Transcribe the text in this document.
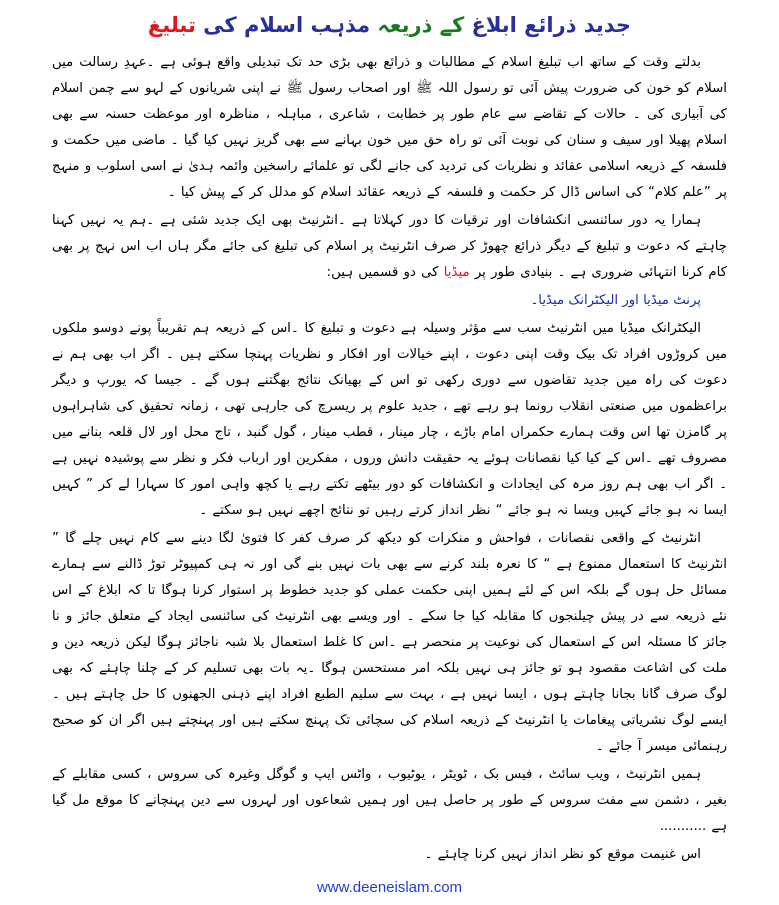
جدید ذرائع ابلاغ کے ذریعہ مذہب اسلام کی تبلیغ

بدلتے وقت کے ساتھ اب تبلیغ اسلام کے مطالبات و ذرائع بھی بڑی حد تک تبدیلی واقع ہوئی ہے ۔عہدِ رسالت میں اسلام کو خون کی ضرورت پیش آئی تو رسول اللہ ﷺ اور اصحاب رسول ﷺ نے اپنی شریانوں کے لہو سے چمن اسلام کی آبیاری کی ۔ حالات کے تقاضے سے عام طور پر خطابت ، شاعری ، مباہلہ ، مناظرہ اور موعظت حسنہ سے بھی اسلام پھیلا اور سیف و سنان کی نوبت آئی تو راہ حق میں خون بہانے سے بھی گریز نہیں کیا گیا ۔ ماضی میں حکمت و فلسفہ کے ذریعہ اسلامی عقائد و نظریات کی تردید کی جانے لگی تو علمائے راسخین وائمہ ہدیٰ نے اسی اسلوب و منہج پر ”علم کلام“ کی اساس ڈال کر حکمت و فلسفہ کے ذریعہ عقائد اسلام کو مدلل کر کے پیش کیا ۔

ہمارا یہ دور سائنسی انکشافات اور ترقیات کا دور کہلاتا ہے ۔انٹرنیٹ بھی ایک جدید شئی ہے ۔ہم یہ نہیں کہنا چاہتے کہ دعوت و تبلیغ کے دیگر ذرائع چھوڑ کر صرف انٹرنیٹ پر اسلام کی تبلیغ کی جائے مگر ہاں اب اس نہج پر بھی کام کرنا انتہائی ضروری ہے ۔ بنیادی طور پر میڈیا کی دو قسمیں ہیں:

پرنٹ میڈیا اور الیکٹرانک میڈیا۔

الیکٹرانک میڈیا میں انٹرنیٹ سب سے مؤثر وسیلہ ہے دعوت و تبلیغ کا ۔اس کے ذریعہ ہم تقریباً پونے دوسو ملکوں میں کروڑوں افراد تک بیک وقت اپنی دعوت ، اپنے خیالات اور افکار و نظریات پہنچا سکتے ہیں ۔ اگر اب بھی ہم نے دعوت کی راہ میں جدید تقاضوں سے دوری رکھی تو اس کے بھیانک نتائج بھگتنے ہوں گے ۔ جیسا کہ یورپ و دیگر براعظموں میں صنعتی انقلاب رونما ہو رہے تھے ، جدید علوم پر ریسرچ کی جارہی تھی ، زمانہ تحقیق کی شاہراہوں پر گامزن تھا اس وقت ہمارے حکمراں امام باڑے ، چار مینار ، قطب مینار ، گول گنبد ، تاج محل اور لال قلعہ بنانے میں مصروف تھے ۔اس کے کیا کیا نقصانات ہوئے یہ حقیقت دانش وروں ، مفکرین اور ارباب فکر و نظر سے پوشیدہ نہیں ہے ۔ اگر اب بھی ہم روز مرہ کی ایجادات و انکشافات کو دور بیٹھے تکتے رہے یا کچھ واہی امور کا سہارا لے کر ” کہیں ایسا نہ ہو جائے کہیں ویسا نہ ہو جائے “ نظر انداز کرتے رہیں تو نتائج اچھے نہیں ہو سکتے ۔

انٹرنیٹ کے واقعی نقصانات ، فواحش و منکرات کو دیکھ کر صرف کفر کا فتویٰ لگا دینے سے کام نہیں چلے گا ” انٹرنیٹ کا استعمال ممنوع ہے “ کا نعرہ بلند کرنے سے بھی بات نہیں بنے گی اور نہ ہی کمپیوٹر توڑ ڈالنے سے ہمارے مسائل حل ہوں گے بلکہ اس کے لئے ہمیں اپنی حکمت عملی کو جدید خطوط پر استوار کرنا ہوگا تا کہ ابلاغ کے اس نئے ذریعہ سے در پیش چیلنجوں کا مقابلہ کیا جا سکے ۔ اور ویسے بھی انٹرنیٹ کی سائنسی ایجاد کے متعلق جائز و نا جائز کا مسئلہ اس کے استعمال کی نوعیت پر منحصر ہے ۔اس کا غلط استعمال بلا شبہ ناجائز ہوگا لیکن ذریعہ دین و ملت کی اشاعت مقصود ہو تو جائز ہی نہیں بلکہ امر مستحسن ہوگا ۔یہ بات بھی تسلیم کر کے چلنا چاہئے کہ بھی لوگ صرف گانا بجانا چاہتے ہوں ، ایسا نہیں ہے ، بہت سے سلیم الطبع افراد اپنے ذہنی الجھنوں کا حل چاہتے ہیں ۔ ایسے لوگ نشریاتی پیغامات یا انٹرنیٹ کے ذریعہ اسلام کی سچائی تک پہنچ سکتے ہیں اور پہنچتے ہیں اگر ان کو صحیح رہنمائی میسر آ جائے ۔

ہمیں انٹرنیٹ ، ویب سائٹ ، فیس بک ، ٹویٹر ، یوٹیوب ، واٹس ایپ و گوگل وغیرہ کی سروس ، کسی مقابلے کے بغیر ، دشمن سے مفت سروس کے طور پر حاصل ہیں اور ہمیں شعاعوں اور لہروں سے دین پہنچانے کا موقع مل گیا ہے ...........

اس غنیمت موقع کو نظر انداز نہیں کرنا چاہئے ۔

www.deeneislam.com
